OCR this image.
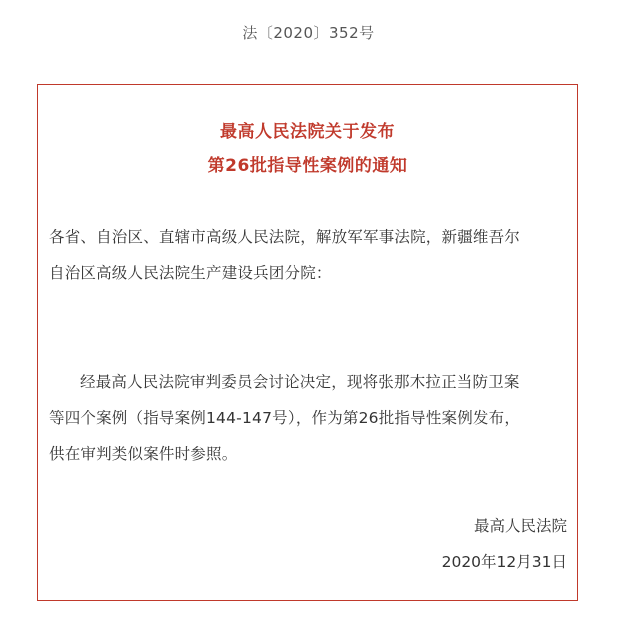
法〔2020〕352号
最高人民法院关于发布
第26批指导性案例的通知
各省、自治区、直辖市高级人民法院，解放军军事法院，新疆维吾尔
自治区高级人民法院生产建设兵团分院：
经最高人民法院审判委员会讨论决定，现将张那木拉正当防卫案
等四个案例（指导案例144-147号），作为第26批指导性案例发布，
供在审判类似案件时参照。
最高人民法院
2020年12月31日
